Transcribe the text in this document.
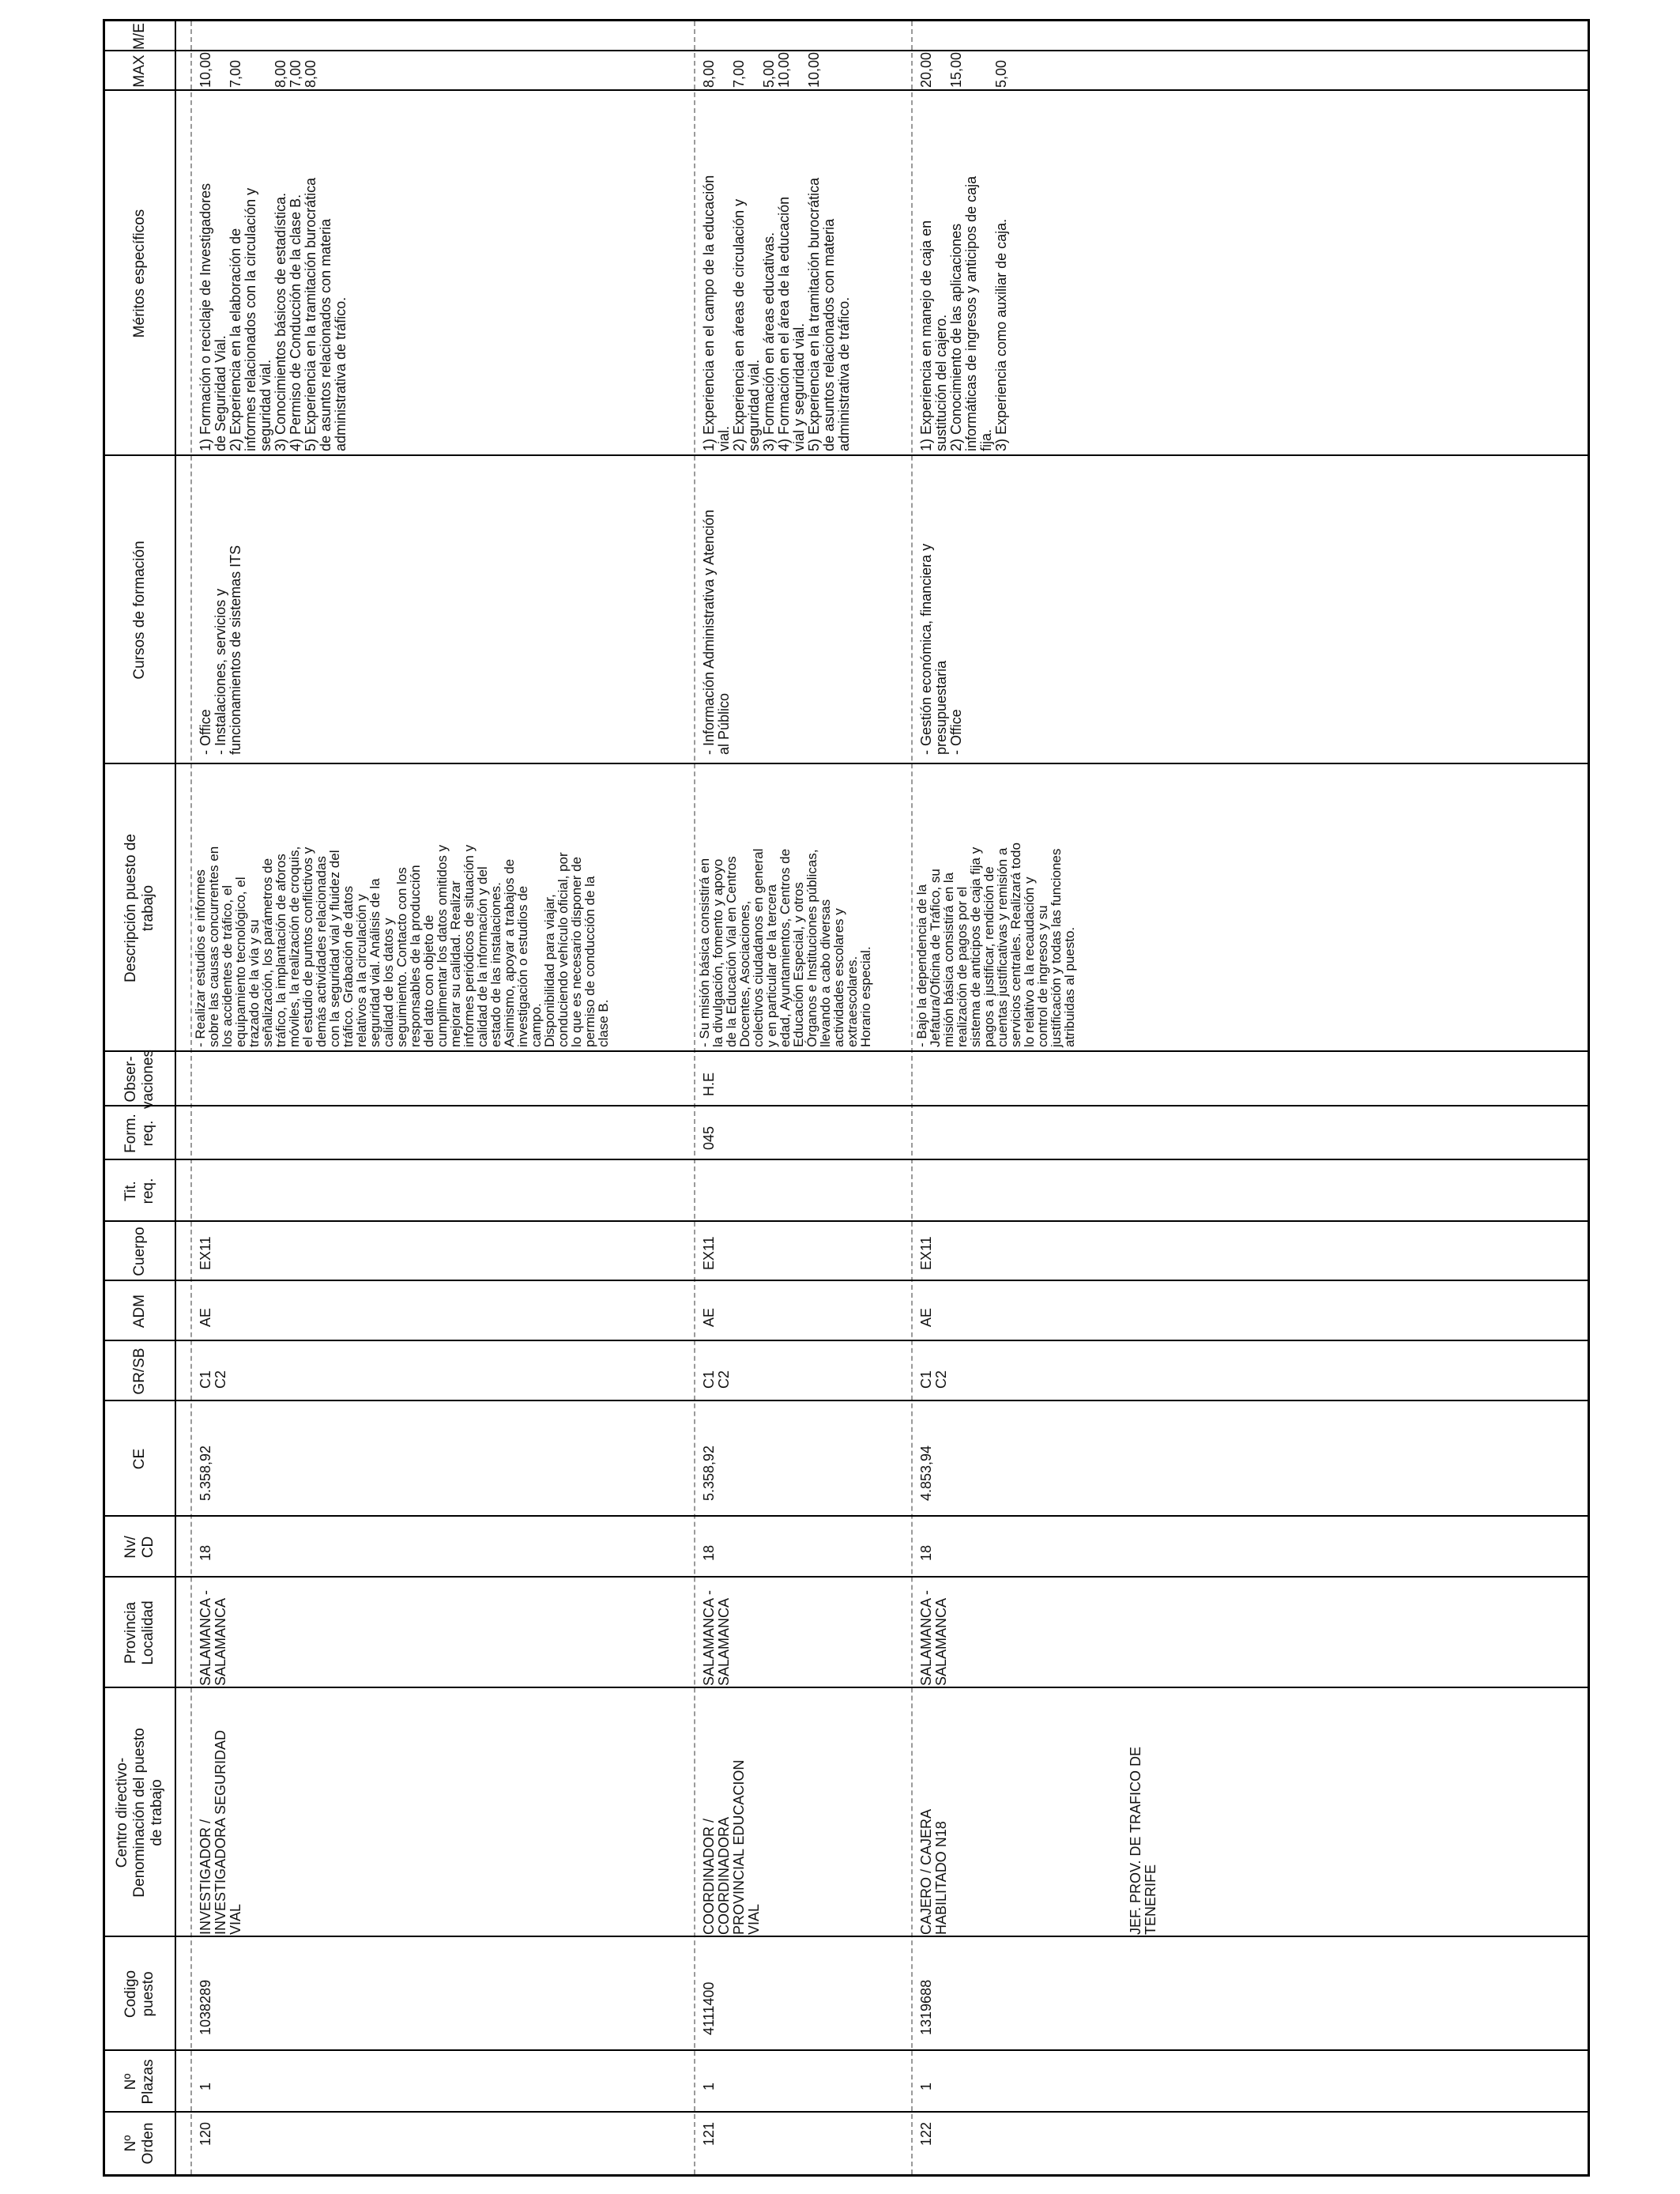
Nº
Orden
Nº
Plazas
Codigo
puesto
Centro directivo-
Denominación del puesto
de trabajo
Provincia
Localidad
Nv/
CD
CE
GR/SB
ADM
Cuerpo
Tit.
req.
Form.
req.
Obser-
vaciones
Descripción puesto de
trabajo
Cursos de formación
Méritos específicos
MAX
M/E
120
1
1038289
INVESTIGADOR /
INVESTIGADORA SEGURIDAD
VIAL
SALAMANCA -
SALAMANCA
18
5.358,92
C1
C2
AE
EX11
- Realizar estudios e informes
sobre las causas concurrentes en
los accidentes de tráfico, el
equipamiento tecnológico, el
trazado de la vía y su
señalización, los parámetros de
tráfico, la implantación de aforos
móviles, la realización de croquis,
el estudio de puntos conflictivos y
demás actividades relacionadas
con la seguridad vial y fluidez del
tráfico. Grabación de datos
relativos a la circulación y
seguridad vial. Análisis de la
calidad de los datos y
seguimiento. Contacto con los
responsables de la producción
del dato con objeto de
cumplimentar los datos omitidos y
mejorar su calidad. Realizar
informes periódicos de situación y
calidad de la información y del
estado de las instalaciones.
Asimismo, apoyar a trabajos de
investigación o estudios de
campo.
Disponibilidad para viajar,
conduciendo vehículo oficial, por
lo que es necesario disponer de
permiso de conducción de la
clase B.
- Office
- Instalaciones, servicios y
funcionamientos de sistemas ITS
1) Formación o reciclaje de Investigadores
de Seguridad Vial.
2) Experiencia en la elaboración de
informes relacionados con la circulación y
seguridad vial.
3) Conocimientos básicos de estadística.
4) Permiso de Conducción de la clase B.
5) Experiencia en la tramitación burocrática
de asuntos relacionados con materia
administrativa de tráfico.
10,00

7,00

8,00
7,00
8,00
121
1
4111400
COORDINADOR /
COORDINADORA
PROVINCIAL EDUCACION
VIAL
SALAMANCA -
SALAMANCA
18
5.358,92
C1
C2
AE
EX11
045
H.E
- Su misión básica consistirá en
la divulgación, fomento y apoyo
de la Educación Vial en Centros
Docentes, Asociaciones,
colectivos ciudadanos en general
y en particular de la tercera
edad, Ayuntamientos, Centros de
Educación Especial, y otros
Órganos e Instituciones públicas,
llevando a cabo diversas
actividades escolares y
extraescolares.
Horario especial.
- Información Administrativa y Atención
al Público
1) Experiencia en el campo de la educación
vial.
2) Experiencia en áreas de circulación y
seguridad vial.
3) Formación en áreas educativas.
4) Formación en el área de la educación
vial y seguridad vial.
5) Experiencia en la tramitación burocrática
de asuntos relacionados con materia
administrativa de tráfico.
8,00

7,00

5,00
10,00

10,00
122
1
1319688
CAJERO / CAJERA
HABILITADO N18
SALAMANCA -
SALAMANCA
18
4.853,94
C1
C2
AE
EX11
- Bajo la dependencia de la
Jefatura/Oficina de Tráfico, su
misión básica consistirá en la
realización de pagos por el
sistema de anticipos de caja fija y
pagos a justificar, rendición de
cuentas justificativas y remisión a
servicios centrales. Realizará todo
lo relativo a la recaudación y
control de ingresos y su
justificación y todas las funciones
atribuidas al puesto.
- Gestión económica, financiera y
presupuestaria
- Office
1) Experiencia en manejo de caja en
sustitución del cajero.
2) Conocimiento de las aplicaciones
informáticas de ingresos y anticipos de caja
fija.
3) Experiencia como auxiliar de caja.
20,00

15,00

5,00
JEF. PROV. DE TRAFICO DE
TENERIFE
